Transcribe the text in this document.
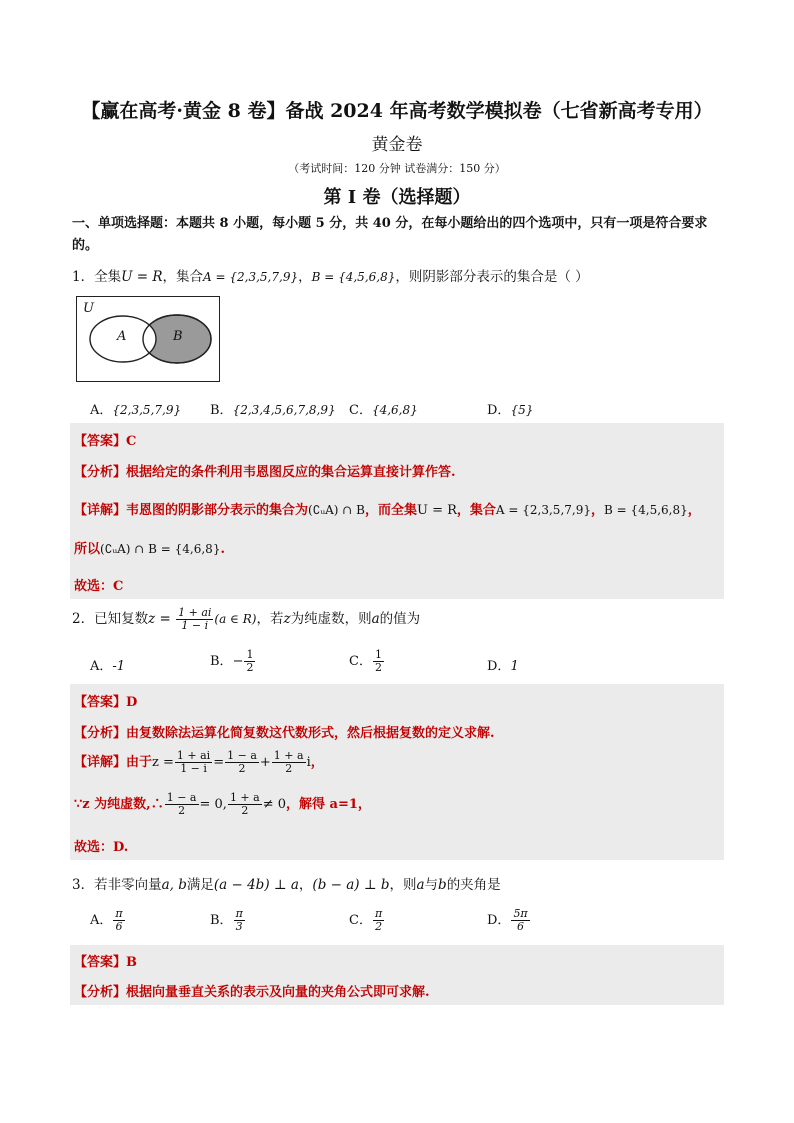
【赢在高考·黄金 8 卷】备战 2024 年高考数学模拟卷（七省新高考专用）
黄金卷
（考试时间：120 分钟 试卷满分：150 分）
第 I 卷（选择题）
一、单项选择题：本题共 8 小题，每小题 5 分，共 40 分，在每小题给出的四个选项中，只有一项是符合要求的。
1．全集U = R，集合A = {2,3,5,7,9}，B = {4,5,6,8}，则阴影部分表示的集合是（ ）
U
A	B
A．{2,3,5,7,9} B．{2,3,4,5,6,7,8,9} C．{4,6,8}	D．{5}
【答案】C
【分析】根据给定的条件利用韦恩图反应的集合运算直接计算作答.
【详解】韦恩图的阴影部分表示的集合为(∁ᵤA) ∩ B，而全集U = R，集合A = {2,3,5,7,9}，B = {4,5,6,8}，
所以(∁ᵤA) ∩ B = {4,6,8}.
故选：C
2．已知复数$z = \frac{1 + ai}{1 - i} (a$ ∈ R)，若z为纯虚数，则a的值为
A．-1	B．− $\frac{1}{2}$	C． $\frac{1}{2}$	D．1
【答案】D
【分析】由复数除法运算化简复数这代数形式，然后根据复数的定义求解.
【详解】由于$z = \frac{1 + ai}{1 - i} = \frac{1 - a}{2} + \frac{1 + a}{2}$ i，
∵z 为纯虚数,∴ $\frac{1 - a}{2} = 0$, $\frac{1 + a}{2} \ne 0$，解得 a=1，
故选：D.
3．若非零向量a, b满足(a − 4b) ⊥ a，(b − a) ⊥ b，则a与b的夹角是
A． $\frac{\pi}{6}$	B． $\frac{\pi}{3}$	C． $\frac{\pi}{2}$	D． $\frac{5\pi}{6}$
【答案】B
【分析】根据向量垂直关系的表示及向量的夹角公式即可求解.
